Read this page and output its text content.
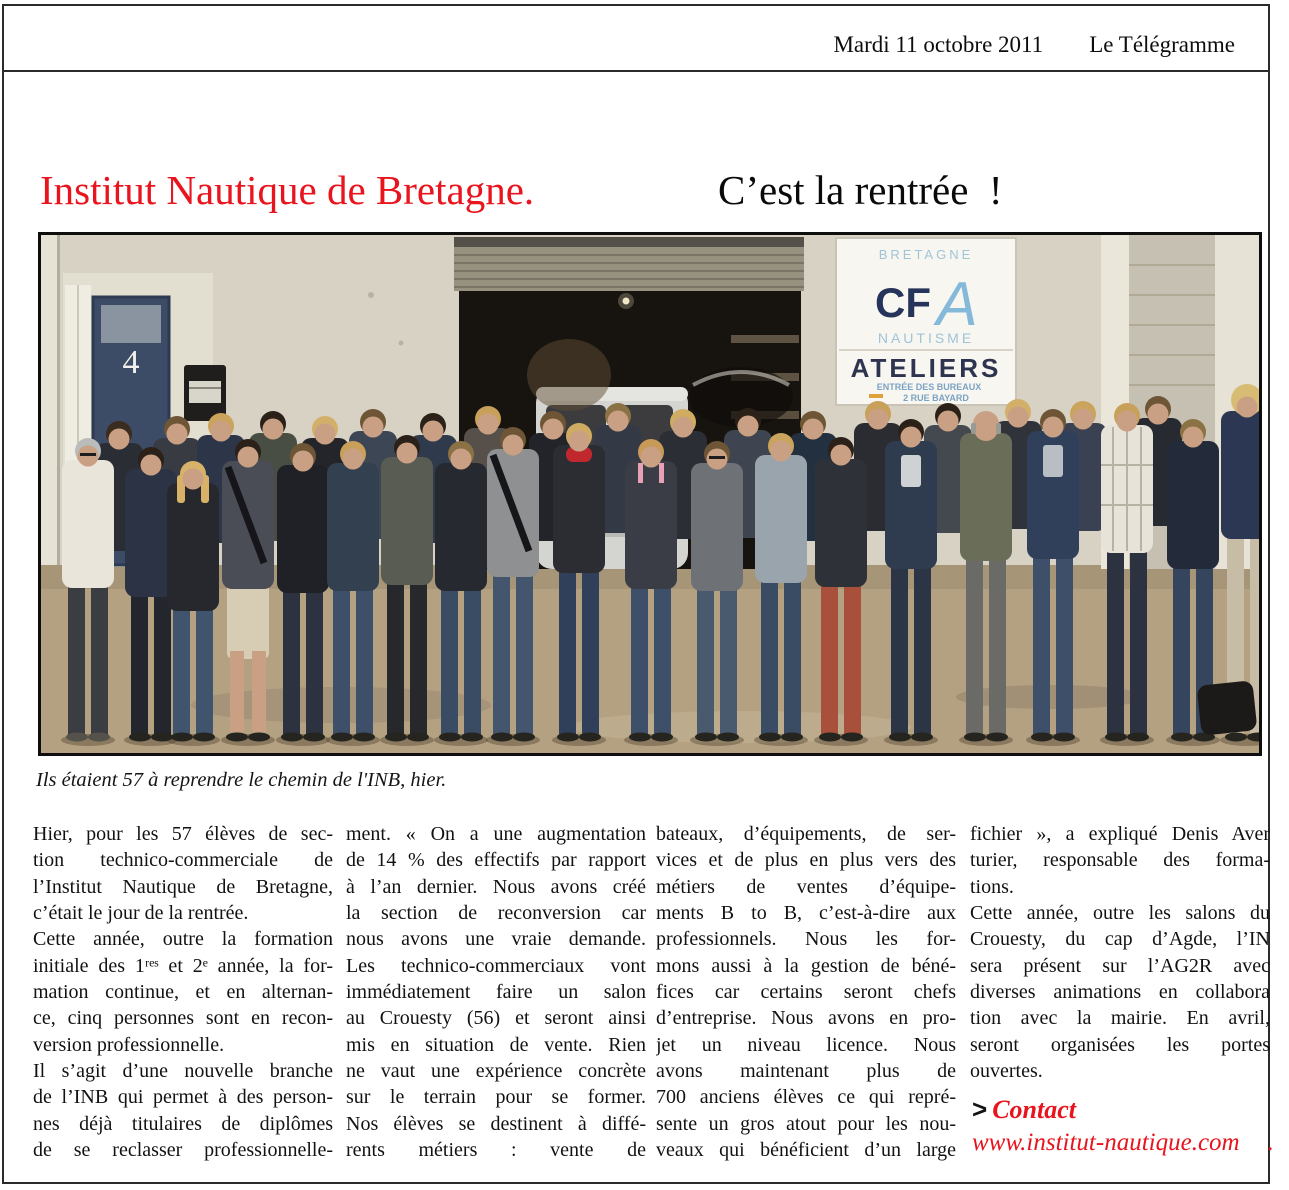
Mardi 11 octobre 2011 Le Télégramme
Institut Nautique de Bretagne.	C’est la rentrée !
4
BRETAGNE
CF A
NAUTISME
ATELIERS
ENTRÉE DES BUREAUX
2 RUE BAYARD
Ils étaient 57 à reprendre le chemin de l'INB, hier.
Hier, pour les 57 élèves de sec-
tion technico-commerciale de
l’Institut Nautique de Bretagne,
c’était le jour de la rentrée.
Cette année, outre la formation
initiale des 1ʳᵉˢ et 2ᵉ année, la for-
mation continue, et en alternan-
ce, cinq personnes sont en recon-
version professionnelle.
Il s’agit d’une nouvelle branche
de l’INB qui permet à des person-
nes déjà titulaires de diplômes
de se reclasser professionnelle-
ment. « On a une augmentation
de 14 % des effectifs par rapport
à l’an dernier. Nous avons créé
la section de reconversion car
nous avons une vraie demande.
Les technico-commerciaux vont
immédiatement faire un salon
au Crouesty (56) et seront ainsi
mis en situation de vente. Rien
ne vaut une expérience concrète
sur le terrain pour se former.
Nos élèves se destinent à diffé-
rents métiers : vente de
bateaux, d’équipements, de ser-
vices et de plus en plus vers des
métiers de ventes d’équipe-
ments B to B, c’est-à-dire aux
professionnels. Nous les for-
mons aussi à la gestion de béné-
fices car certains seront chefs
d’entreprise. Nous avons en pro-
jet un niveau licence. Nous
avons maintenant plus de
700 anciens élèves ce qui repré-
sente un gros atout pour les nou-
veaux qui bénéficient d’un large
fichier », a expliqué Denis Aver
turier, responsable des forma-
tions.
Cette année, outre les salons du
Crouesty, du cap d’Agde, l’IN
sera présent sur l’AG2R avec
diverses animations en collabora
tion avec la mairie. En avril,
seront organisées les portes
ouvertes.
> Contact
www.institut-nautique.com .
